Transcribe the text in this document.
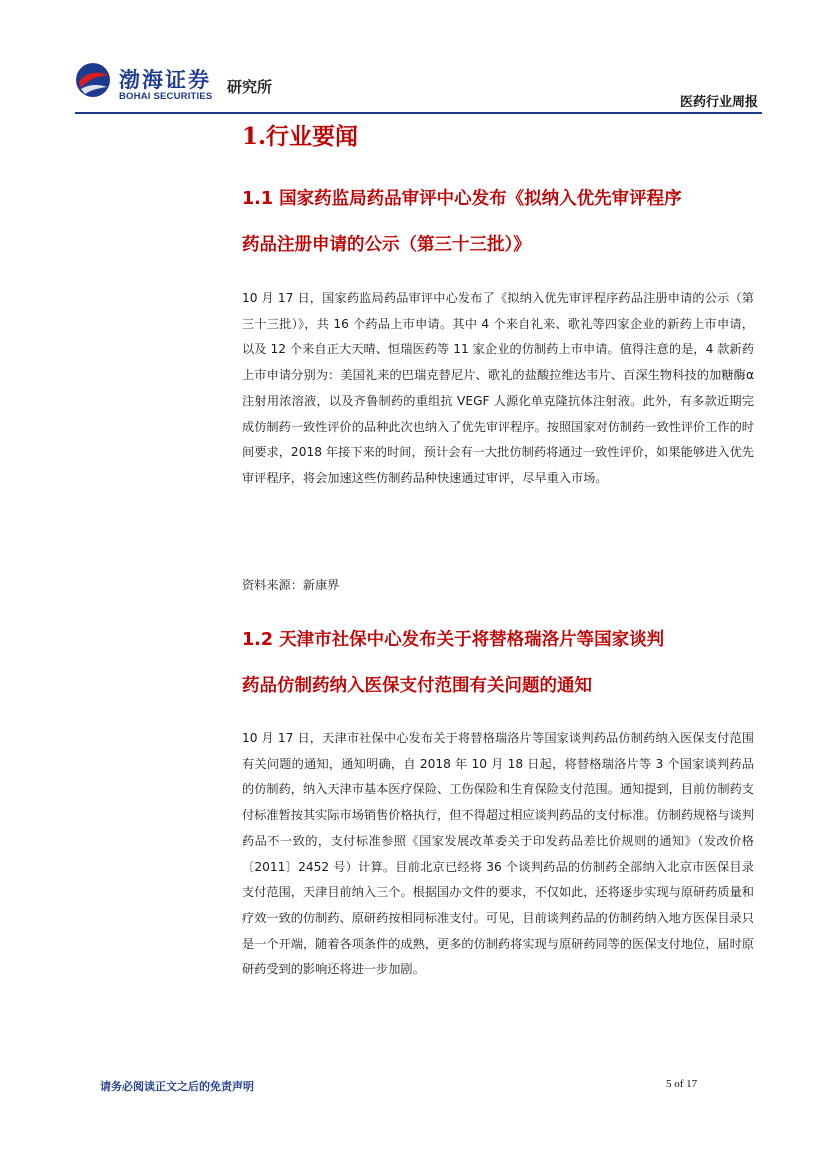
渤海证券
BOHAI SECURITIES
研究所
医药行业周报
1.行业要闻

1.1 国家药监局药品审评中心发布《拟纳入优先审评程序
药品注册申请的公示（第三十三批）》

10 月 17 日，国家药监局药品审评中心发布了《拟纳入优先审评程序药品注册申请的公示（第三十三批）》，共 16 个药品上市申请。其中 4 个来自礼来、歌礼等四家企业的新药上市申请，以及 12 个来自正大天晴、恒瑞医药等 11 家企业的仿制药上市申请。值得注意的是，4 款新药上市申请分别为：美国礼来的巴瑞克替尼片、歌礼的盐酸拉维达韦片、百深生物科技的加糖酶α注射用浓溶液，以及齐鲁制药的重组抗 VEGF 人源化单克隆抗体注射液。此外，有多款近期完成仿制药一致性评价的品种此次也纳入了优先审评程序。按照国家对仿制药一致性评价工作的时间要求，2018 年接下来的时间，预计会有一大批仿制药将通过一致性评价，如果能够进入优先审评程序，将会加速这些仿制药品种快速通过审评，尽早重入市场。

资料来源：新康界

1.2 天津市社保中心发布关于将替格瑞洛片等国家谈判
药品仿制药纳入医保支付范围有关问题的通知

10 月 17 日，天津市社保中心发布关于将替格瑞洛片等国家谈判药品仿制药纳入医保支付范围有关问题的通知，通知明确，自 2018 年 10 月 18 日起，将替格瑞洛片等 3 个国家谈判药品的仿制药，纳入天津市基本医疗保险、工伤保险和生育保险支付范围。通知提到，目前仿制药支付标准暂按其实际市场销售价格执行，但不得超过相应谈判药品的支付标准。仿制药规格与谈判药品不一致的，支付标准参照《国家发展改革委关于印发药品差比价规则的通知》（发改价格〔2011〕2452 号）计算。目前北京已经将 36 个谈判药品的仿制药全部纳入北京市医保目录支付范围，天津目前纳入三个。根据国办文件的要求，不仅如此，还将逐步实现与原研药质量和疗效一致的仿制药、原研药按相同标准支付。可见，目前谈判药品的仿制药纳入地方医保目录只是一个开端，随着各项条件的成熟，更多的仿制药将实现与原研药同等的医保支付地位，届时原研药受到的影响还将进一步加剧。

请务必阅读正文之后的免责声明	5 of 17
